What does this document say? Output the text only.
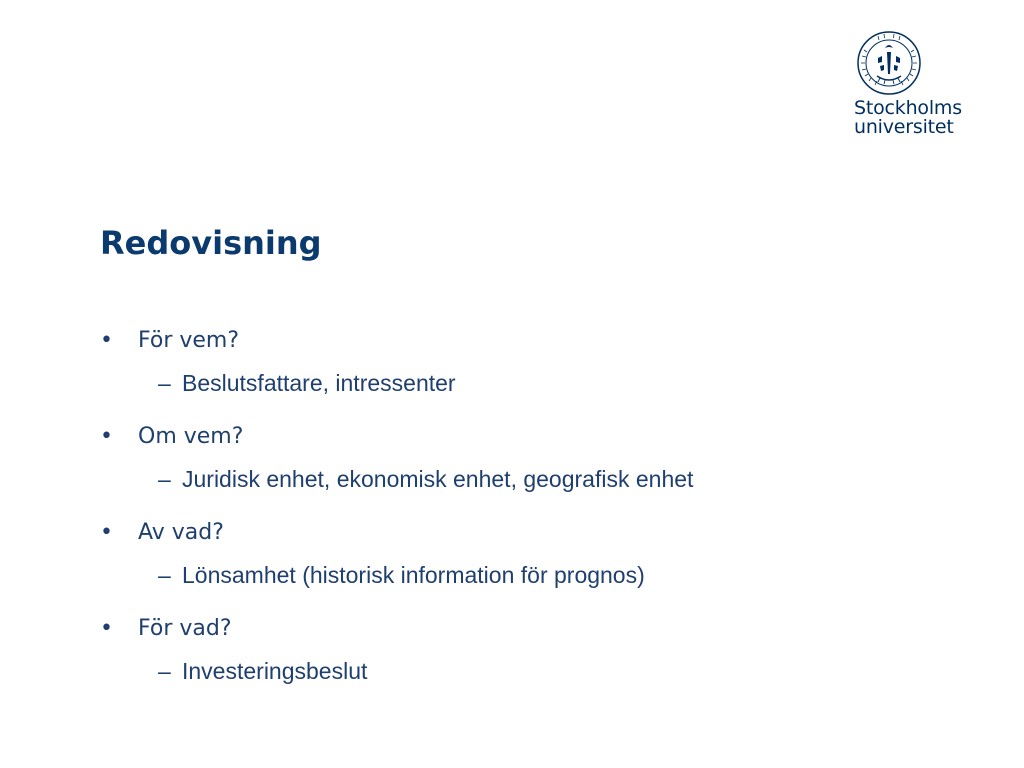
Stockholms
universitet
Redovisning
•	För vem?
– Beslutsfattare, intressenter
•	Om vem?
– Juridisk enhet, ekonomisk enhet, geografisk enhet
•	Av vad?
– Lönsamhet (historisk information för prognos)
•	För vad?
– Investeringsbeslut
